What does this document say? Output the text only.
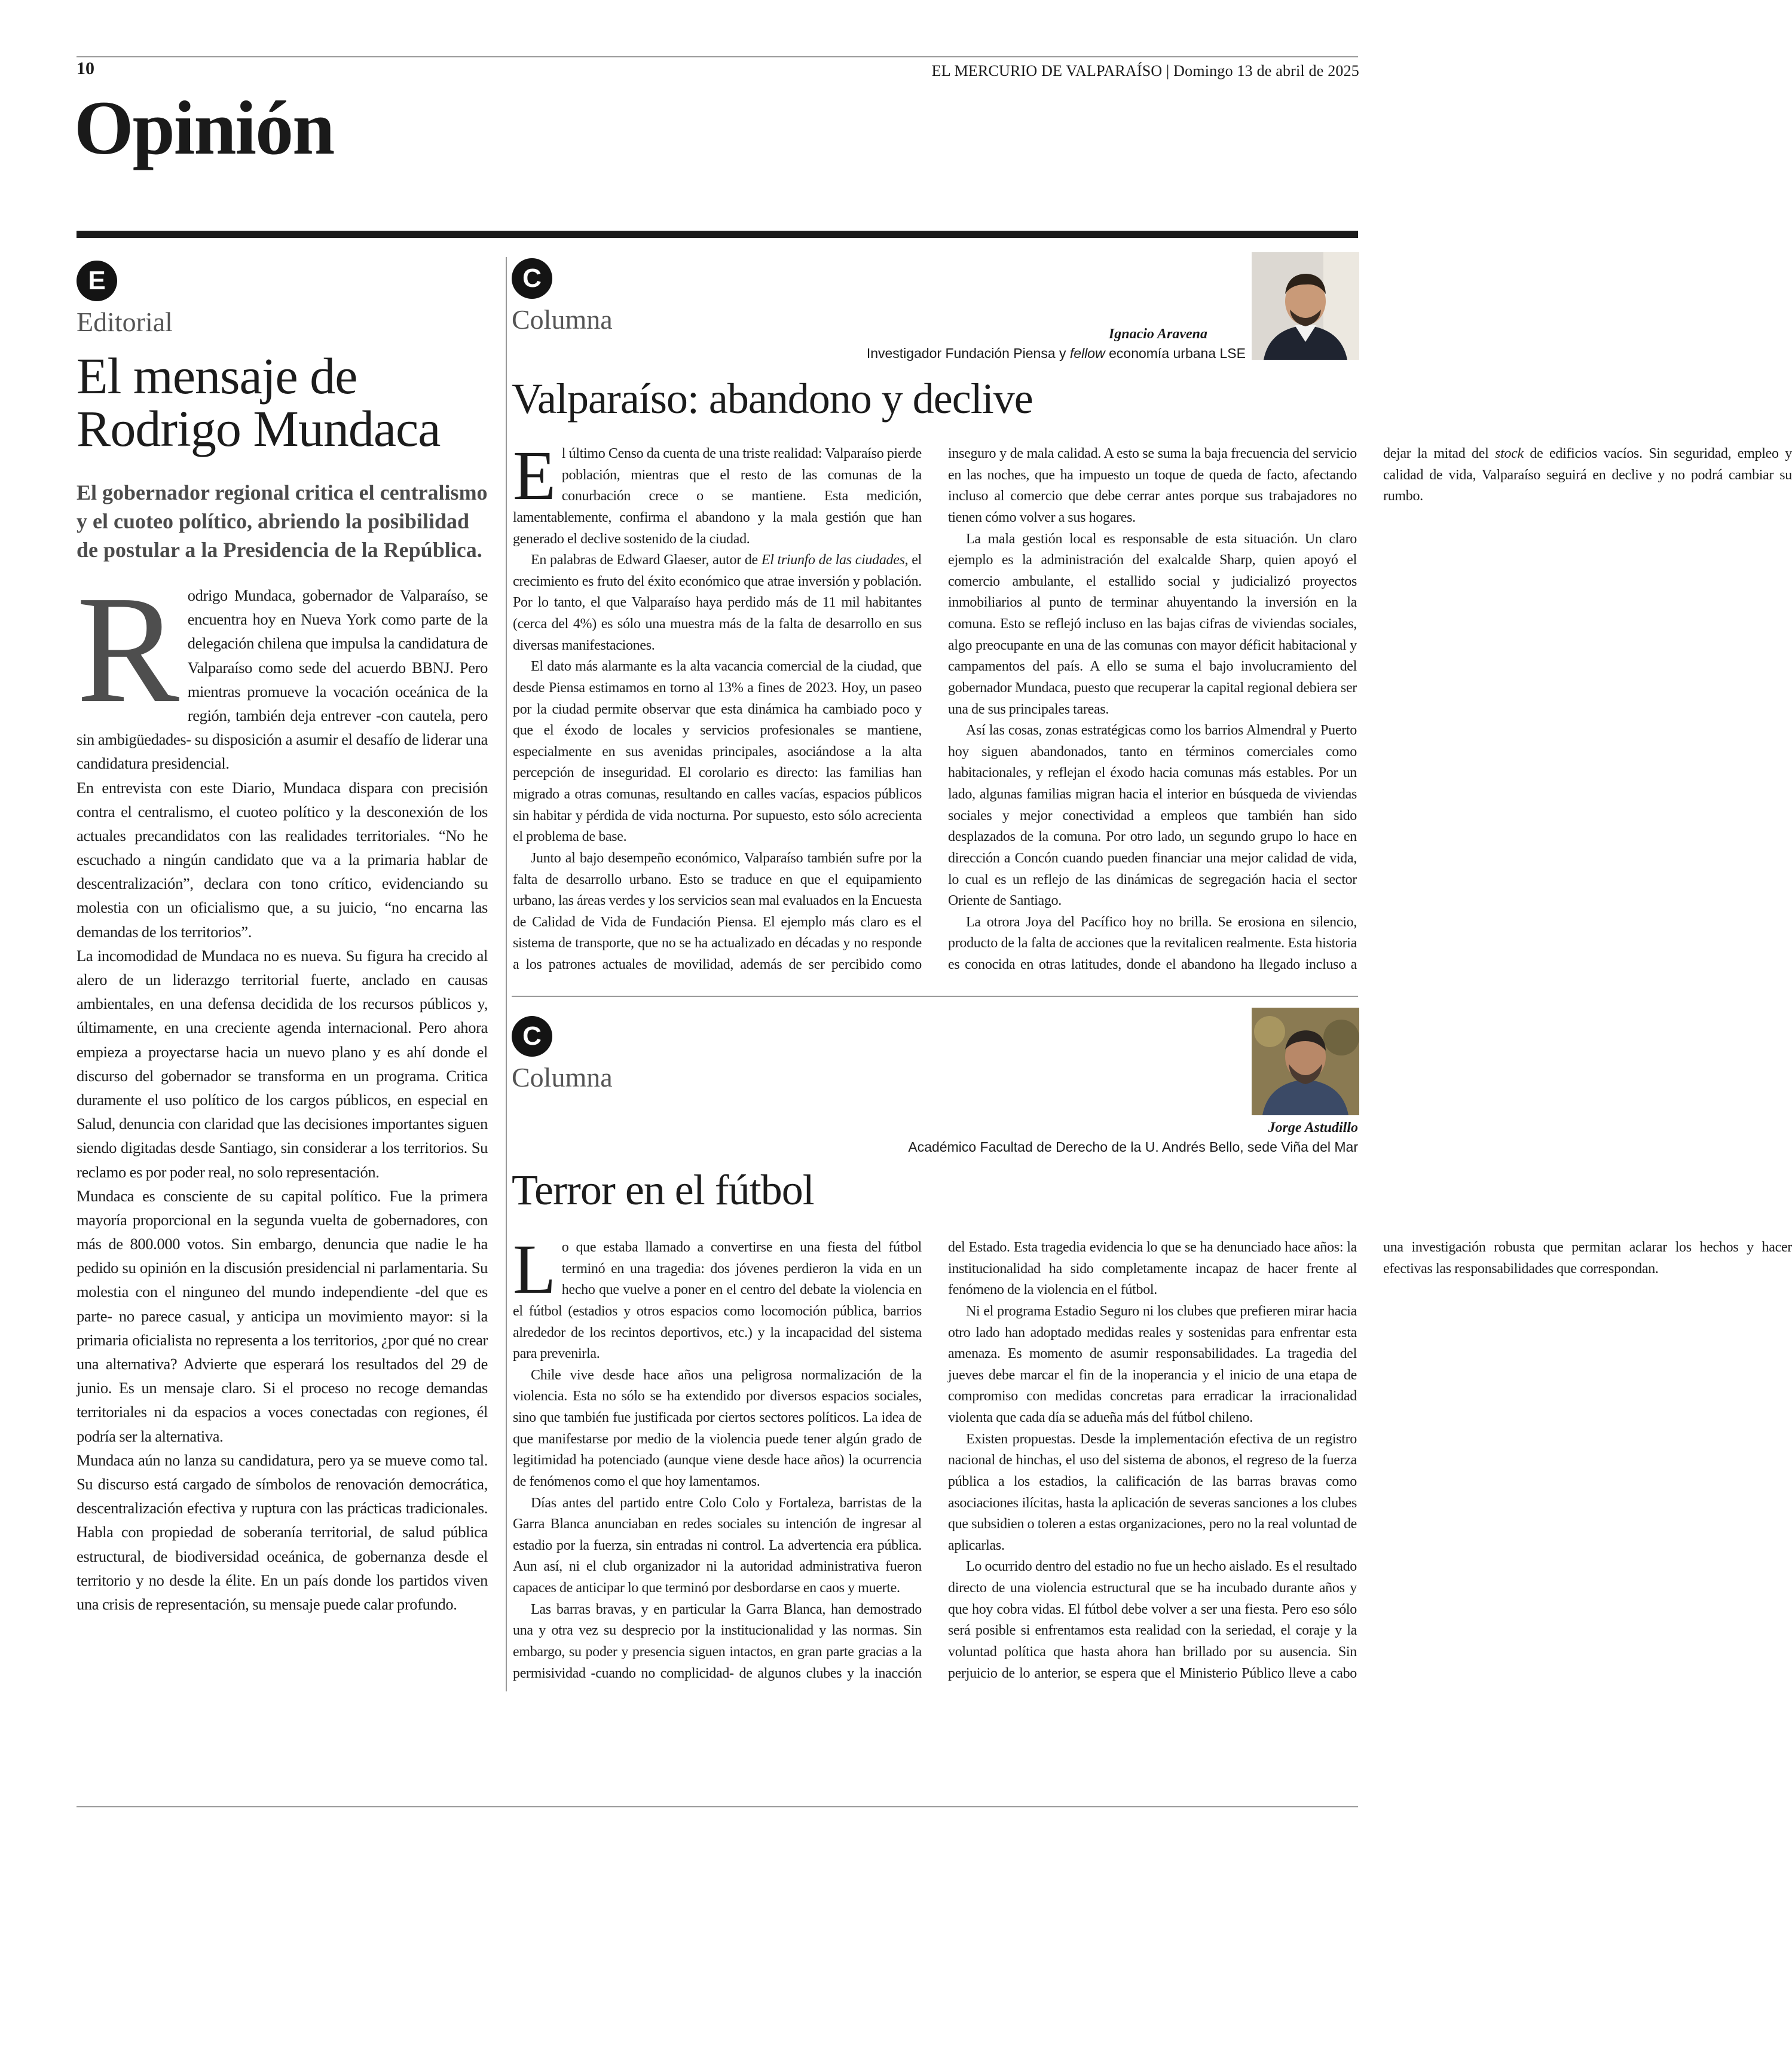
10	EL MERCURIO DE VALPARAÍSO | Domingo 13 de abril de 2025
Opinión
E
Editorial
El mensaje de Rodrigo Mundaca
El gobernador regional critica el centralismo y el cuoteo político, abriendo la posibilidad de postular a la Presidencia de la República.

Rodrigo Mundaca, gobernador de Valparaíso, se encuentra hoy en Nueva York como parte de la delegación chilena que impulsa la candidatura de Valparaíso como sede del acuerdo BBNJ. Pero mientras promueve la vocación oceánica de la región, también deja entrever -con cautela, pero sin ambigüedades- su disposición a asumir el desafío de liderar una candidatura presidencial.

En entrevista con este Diario, Mundaca dispara con precisión contra el centralismo, el cuoteo político y la desconexión de los actuales precandidatos con las realidades territoriales. “No he escuchado a ningún candidato que va a la primaria hablar de descentralización”, declara con tono crítico, evidenciando su molestia con un oficialismo que, a su juicio, “no encarna las demandas de los territorios”.

La incomodidad de Mundaca no es nueva. Su figura ha crecido al alero de un liderazgo territorial fuerte, anclado en causas ambientales, en una defensa decidida de los recursos públicos y, últimamente, en una creciente agenda internacional. Pero ahora empieza a proyectarse hacia un nuevo plano y es ahí donde el discurso del gobernador se transforma en un programa. Critica duramente el uso político de los cargos públicos, en especial en Salud, denuncia con claridad que las decisiones importantes siguen siendo digitadas desde Santiago, sin considerar a los territorios. Su reclamo es por poder real, no solo representación.

Mundaca es consciente de su capital político. Fue la primera mayoría proporcional en la segunda vuelta de gobernadores, con más de 800.000 votos. Sin embargo, denuncia que nadie le ha pedido su opinión en la discusión presidencial ni parlamentaria. Su molestia con el ninguneo del mundo independiente -del que es parte- no parece casual, y anticipa un movimiento mayor: si la primaria oficialista no representa a los territorios, ¿por qué no crear una alternativa? Advierte que esperará los resultados del 29 de junio. Es un mensaje claro. Si el proceso no recoge demandas territoriales ni da espacios a voces conectadas con regiones, él podría ser la alternativa.

Mundaca aún no lanza su candidatura, pero ya se mueve como tal. Su discurso está cargado de símbolos de renovación democrática, descentralización efectiva y ruptura con las prácticas tradicionales. Habla con propiedad de soberanía territorial, de salud pública estructural, de biodiversidad oceánica, de gobernanza desde el territorio y no desde la élite. En un país donde los partidos viven una crisis de representación, su mensaje puede calar profundo.

C
Columna	Ignacio Aravena
Investigador Fundación Piensa y fellow economía urbana LSE
Valparaíso: abandono y declive

El último Censo da cuenta de una triste realidad: Valparaíso pierde población, mientras que el resto de las comunas de la conurbación crece o se mantiene. Esta medición, lamentablemente, confirma el abandono y la mala gestión que han generado el declive sostenido de la ciudad.

En palabras de Edward Glaeser, autor de El triunfo de las ciudades, el crecimiento es fruto del éxito económico que atrae inversión y población. Por lo tanto, el que Valparaíso haya perdido más de 11 mil habitantes (cerca del 4%) es sólo una muestra más de la falta de desarrollo en sus diversas manifestaciones.

El dato más alarmante es la alta vacancia comercial de la ciudad, que desde Piensa estimamos en torno al 13% a fines de 2023. Hoy, un paseo por la ciudad permite observar que esta dinámica ha cambiado poco y que el éxodo de locales y servicios profesionales se mantiene, especialmente en sus avenidas principales, asociándose a la alta percepción de inseguridad. El corolario es directo: las familias han migrado a otras comunas, resultando en calles vacías, espacios públicos sin habitar y pérdida de vida nocturna. Por supuesto, esto sólo acrecienta el problema de base.

Junto al bajo desempeño económico, Valparaíso también sufre por la falta de desarrollo urbano. Esto se traduce en que el equipamiento urbano, las áreas verdes y los servicios sean mal evaluados en la Encuesta de Calidad de Vida de Fundación Piensa. El ejemplo más claro es el sistema de transporte, que no se ha actualizado en décadas y no responde a los patrones actuales de movilidad, además de ser percibido como inseguro y de mala calidad. A esto se suma la baja frecuencia del servicio en las noches, que ha impuesto un toque de queda de facto, afectando incluso al comercio que debe cerrar antes porque sus trabajadores no tienen cómo volver a sus hogares.

La mala gestión local es responsable de esta situación. Un claro ejemplo es la administración del exalcalde Sharp, quien apoyó el comercio ambulante, el estallido social y judicializó proyectos inmobiliarios al punto de terminar ahuyentando la inversión en la comuna. Esto se reflejó incluso en las bajas cifras de viviendas sociales, algo preocupante en una de las comunas con mayor déficit habitacional y campamentos del país. A ello se suma el bajo involucramiento del gobernador Mundaca, puesto que recuperar la capital regional debiera ser una de sus principales tareas.

Así las cosas, zonas estratégicas como los barrios Almendral y Puerto hoy siguen abandonados, tanto en términos comerciales como habitacionales, y reflejan el éxodo hacia comunas más estables. Por un lado, algunas familias migran hacia el interior en búsqueda de viviendas sociales y mejor conectividad a empleos que también han sido desplazados de la comuna. Por otro lado, un segundo grupo lo hace en dirección a Concón cuando pueden financiar una mejor calidad de vida, lo cual es un reflejo de las dinámicas de segregación hacia el sector Oriente de Santiago.

La otrora Joya del Pacífico hoy no brilla. Se erosiona en silencio, producto de la falta de acciones que la revitalicen realmente. Esta historia es conocida en otras latitudes, donde el abandono ha llegado incluso a dejar la mitad del stock de edificios vacíos. Sin seguridad, empleo y calidad de vida, Valparaíso seguirá en declive y no podrá cambiar su rumbo.

C
Columna
Jorge Astudillo
Académico Facultad de Derecho de la U. Andrés Bello, sede Viña del Mar
Terror en el fútbol

Lo que estaba llamado a convertirse en una fiesta del fútbol terminó en una tragedia: dos jóvenes perdieron la vida en un hecho que vuelve a poner en el centro del debate la violencia en el fútbol (estadios y otros espacios como locomoción pública, barrios alrededor de los recintos deportivos, etc.) y la incapacidad del sistema para prevenirla.

Chile vive desde hace años una peligrosa normalización de la violencia. Esta no sólo se ha extendido por diversos espacios sociales, sino que también fue justificada por ciertos sectores políticos. La idea de que manifestarse por medio de la violencia puede tener algún grado de legitimidad ha potenciado (aunque viene desde hace años) la ocurrencia de fenómenos como el que hoy lamentamos.

Días antes del partido entre Colo Colo y Fortaleza, barristas de la Garra Blanca anunciaban en redes sociales su intención de ingresar al estadio por la fuerza, sin entradas ni control. La advertencia era pública. Aun así, ni el club organizador ni la autoridad administrativa fueron capaces de anticipar lo que terminó por desbordarse en caos y muerte.

Las barras bravas, y en particular la Garra Blanca, han demostrado una y otra vez su desprecio por la institucionalidad y las normas. Sin embargo, su poder y presencia siguen intactos, en gran parte gracias a la permisividad -cuando no complicidad- de algunos clubes y la inacción del Estado. Esta tragedia evidencia lo que se ha denunciado hace años: la institucionalidad ha sido completamente incapaz de hacer frente al fenómeno de la violencia en el fútbol.

Ni el programa Estadio Seguro ni los clubes que prefieren mirar hacia otro lado han adoptado medidas reales y sostenidas para enfrentar esta amenaza. Es momento de asumir responsabilidades. La tragedia del jueves debe marcar el fin de la inoperancia y el inicio de una etapa de compromiso con medidas concretas para erradicar la irracionalidad violenta que cada día se adueña más del fútbol chileno.

Existen propuestas. Desde la implementación efectiva de un registro nacional de hinchas, el uso del sistema de abonos, el regreso de la fuerza pública a los estadios, la calificación de las barras bravas como asociaciones ilícitas, hasta la aplicación de severas sanciones a los clubes que subsidien o toleren a estas organizaciones, pero no la real voluntad de aplicarlas.

Lo ocurrido dentro del estadio no fue un hecho aislado. Es el resultado directo de una violencia estructural que se ha incubado durante años y que hoy cobra vidas. El fútbol debe volver a ser una fiesta. Pero eso sólo será posible si enfrentamos esta realidad con la seriedad, el coraje y la voluntad política que hasta ahora han brillado por su ausencia. Sin perjuicio de lo anterior, se espera que el Ministerio Público lleve a cabo una investigación robusta que permitan aclarar los hechos y hacer efectivas las responsabilidades que correspondan.
